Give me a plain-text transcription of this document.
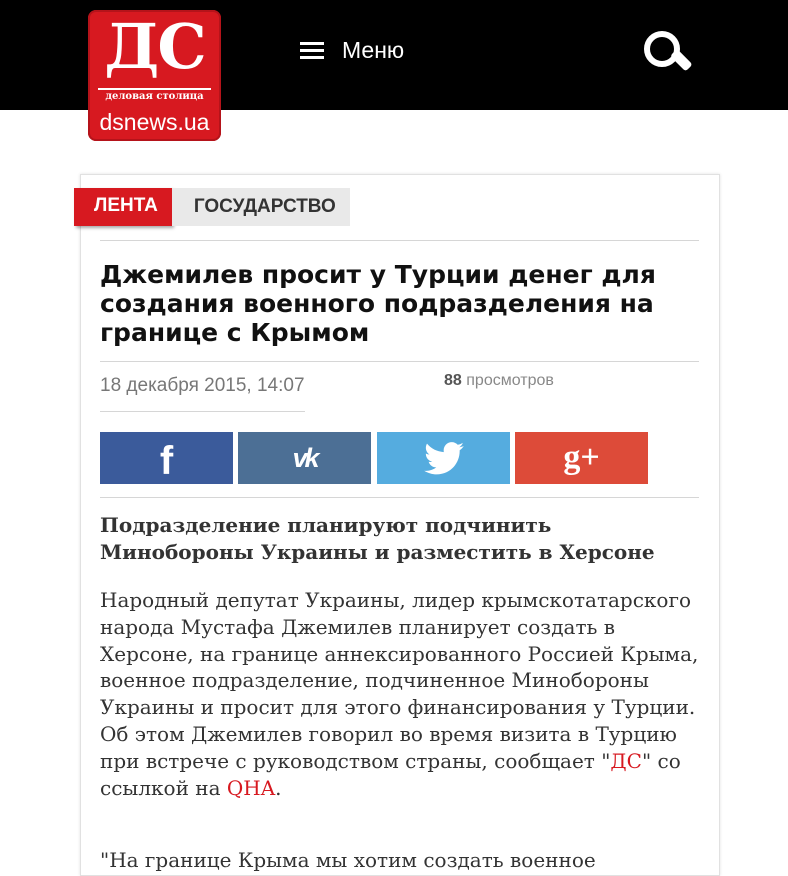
Меню
ДС
деловая столица
dsnews.ua
ЛЕНТА	ГОСУДАРСТВО
Джемилев просит у Турции денег для создания военного подразделения на границе с Крымом
18 декабря 2015, 14:07	88 просмотров
f	vk	g+

Подразделение планируют подчинить Минобороны Украины и разместить в Херсоне

Народный депутат Украины, лидер крымскотатарского народа Мустафа Джемилев планирует создать в Херсоне, на границе аннексированного Россией Крыма, военное подразделение, подчиненное Минобороны Украины и просит для этого финансирования у Турции. Об этом Джемилев говорил во время визита в Турцию при встрече с руководством страны, сообщает "ДС" со ссылкой на QHA.

"На границе Крыма мы хотим создать военное
